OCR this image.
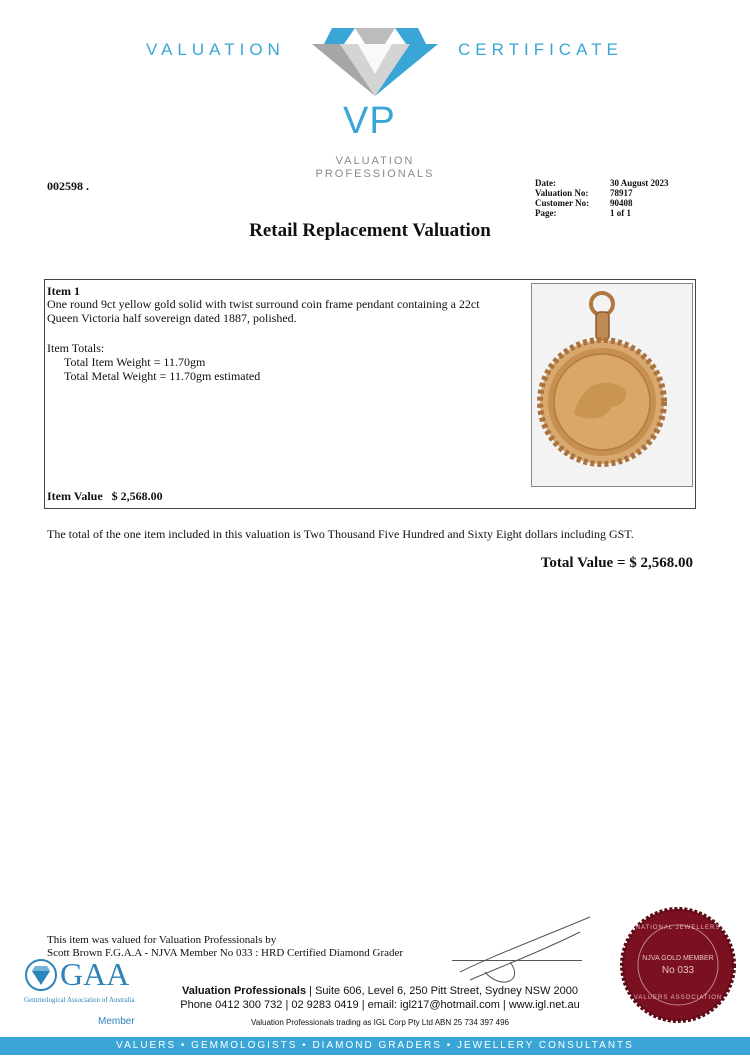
VALUATION	CERTIFICATE
VP
VALUATION
PROFESSIONALS
002598 .	Date:
Valuation No:
Customer No:
Page:
30 August 2023
78917
90408
1 of 1
Retail Replacement Valuation
Item 1
One round 9ct yellow gold solid with twist surround coin frame pendant containing a 22ct
Queen Victoria half sovereign dated 1887, polished.
Item Totals:
Total Item Weight = 11.70gm
Total Metal Weight = 11.70gm estimated
Item Value $ 2,568.00
The total of the one item included in this valuation is Two Thousand Five Hundred and Sixty Eight dollars including GST.
Total Value = $ 2,568.00
This item was valued for Valuation Professionals by
Scott Brown F.G.A.A - NJVA Member No 033 : HRD Certified Diamond Grader
GAA
Gemmological Association of Australia
Member
Valuation Professionals | Suite 606, Level 6, 250 Pitt Street, Sydney NSW 2000
Phone 0412 300 732 | 02 9283 0419 | email: igl217@hotmail.com | www.igl.net.au
Valuation Professionals trading as IGL Corp Pty Ltd ABN 25 734 397 496
NATIONAL JEWELLERS
NJVA GOLD MEMBER
No 033
VALUERS ASSOCIATION
VALUERS • GEMMOLOGISTS • DIAMOND GRADERS • JEWELLERY CONSULTANTS
